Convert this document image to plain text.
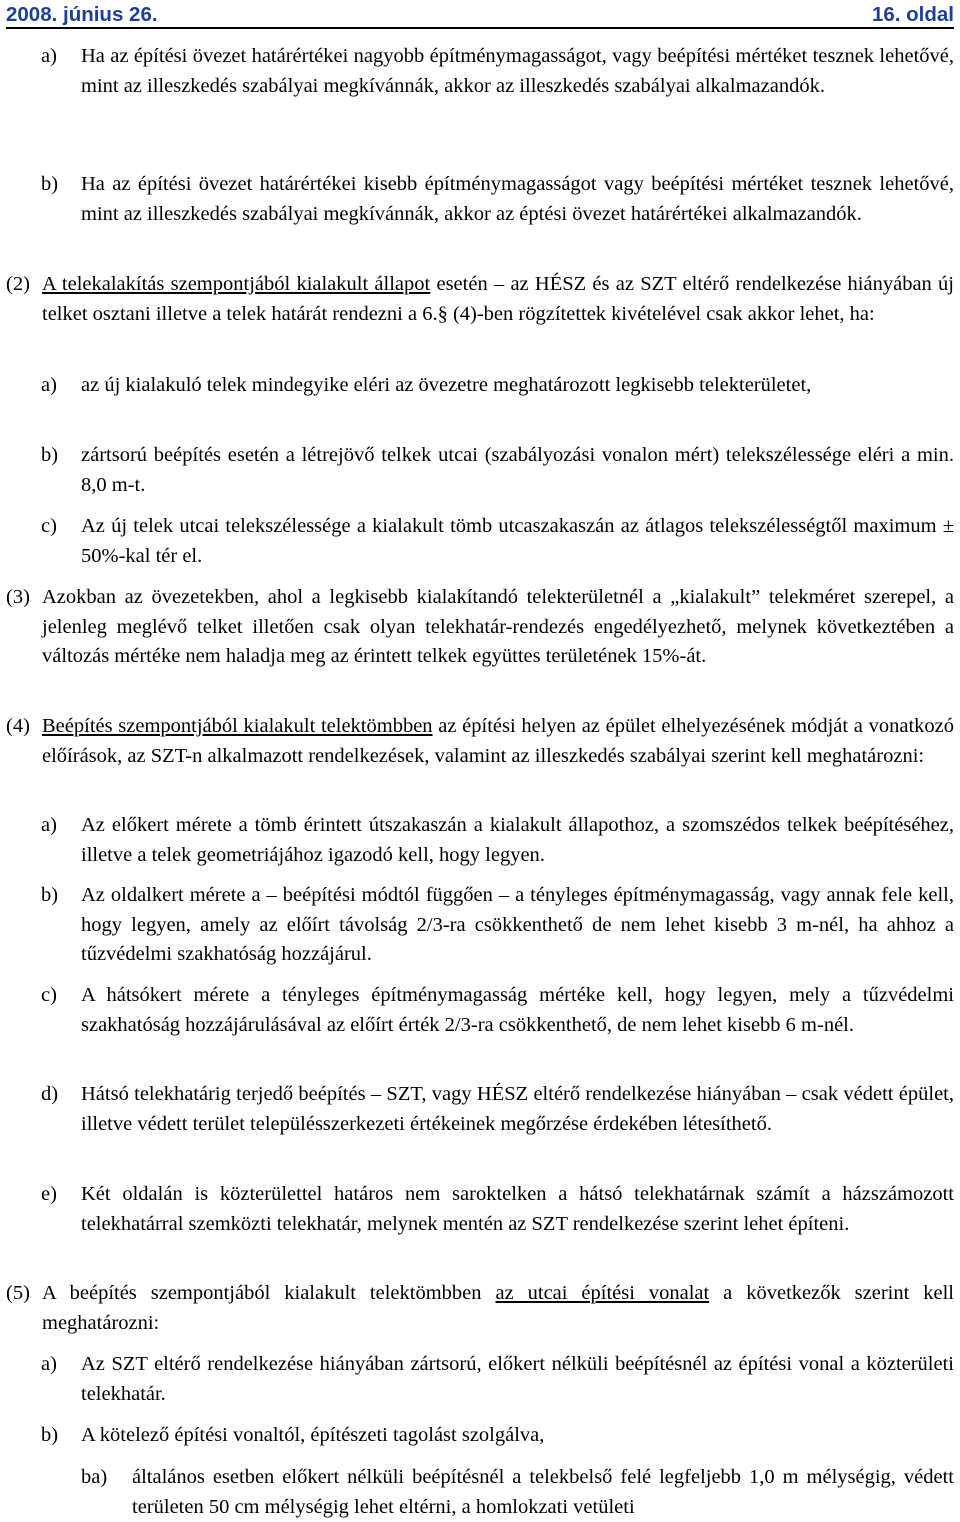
2008. június 26.	16. oldal
a) Ha az építési övezet határértékei nagyobb építménymagasságot, vagy beépítési mértéket tesznek lehetővé, mint az illeszkedés szabályai megkívánnák, akkor az illeszkedés szabályai alkalmazandók.
b) Ha az építési övezet határértékei kisebb építménymagasságot vagy beépítési mértéket tesznek lehetővé, mint az illeszkedés szabályai megkívánnák, akkor az éptési övezet határértékei alkalmazandók.
(2) A telekalakítás szempontjából kialakult állapot esetén – az HÉSZ és az SZT eltérő rendelkezése hiányában új telket osztani illetve a telek határát rendezni a 6.§ (4)-ben rögzítettek kivételével csak akkor lehet, ha:
a) az új kialakuló telek mindegyike eléri az övezetre meghatározott legkisebb telekterületet,
b) zártsorú beépítés esetén a létrejövő telkek utcai (szabályozási vonalon mért) telekszélessége eléri a min. 8,0 m-t.
c) Az új telek utcai telekszélessége a kialakult tömb utcaszakaszán az átlagos telekszélességtől maximum ± 50%-kal tér el.
(3) Azokban az övezetekben, ahol a legkisebb kialakítandó telekterületnél a „kialakult” telekméret szerepel, a jelenleg meglévő telket illetően csak olyan telekhatár-rendezés engedélyezhető, melynek következtében a változás mértéke nem haladja meg az érintett telkek együttes területének 15%-át.
(4) Beépítés szempontjából kialakult telektömbben az építési helyen az épület elhelyezésének módját a vonatkozó előírások, az SZT-n alkalmazott rendelkezések, valamint az illeszkedés szabályai szerint kell meghatározni:
a) Az előkert mérete a tömb érintett útszakaszán a kialakult állapothoz, a szomszédos telkek beépítéséhez, illetve a telek geometriájához igazodó kell, hogy legyen.
b) Az oldalkert mérete a – beépítési módtól függően – a tényleges építménymagasság, vagy annak fele kell, hogy legyen, amely az előírt távolság 2/3-ra csökkenthető de nem lehet kisebb 3 m-nél, ha ahhoz a tűzvédelmi szakhatóság hozzájárul.
c) A hátsókert mérete a tényleges építménymagasság mértéke kell, hogy legyen, mely a tűzvédelmi szakhatóság hozzájárulásával az előírt érték 2/3-ra csökkenthető, de nem lehet kisebb 6 m-nél.
d) Hátsó telekhatárig terjedő beépítés – SZT, vagy HÉSZ eltérő rendelkezése hiányában – csak védett épület, illetve védett terület településszerkezeti értékeinek megőrzése érdekében létesíthető.
e) Két oldalán is közterülettel határos nem saroktelken a hátsó telekhatárnak számít a házszámozott telekhatárral szemközti telekhatár, melynek mentén az SZT rendelkezése szerint lehet építeni.
(5) A beépítés szempontjából kialakult telektömbben az utcai építési vonalat a következők szerint kell meghatározni:
a) Az SZT eltérő rendelkezése hiányában zártsorú, előkert nélküli beépítésnél az építési vonal a közterületi telekhatár.
b) A kötelező építési vonaltól, építészeti tagolást szolgálva,
ba) általános esetben előkert nélküli beépítésnél a telekbelső felé legfeljebb 1,0 m mélységig, védett területen 50 cm mélységig lehet eltérni, a homlokzati vetületi
